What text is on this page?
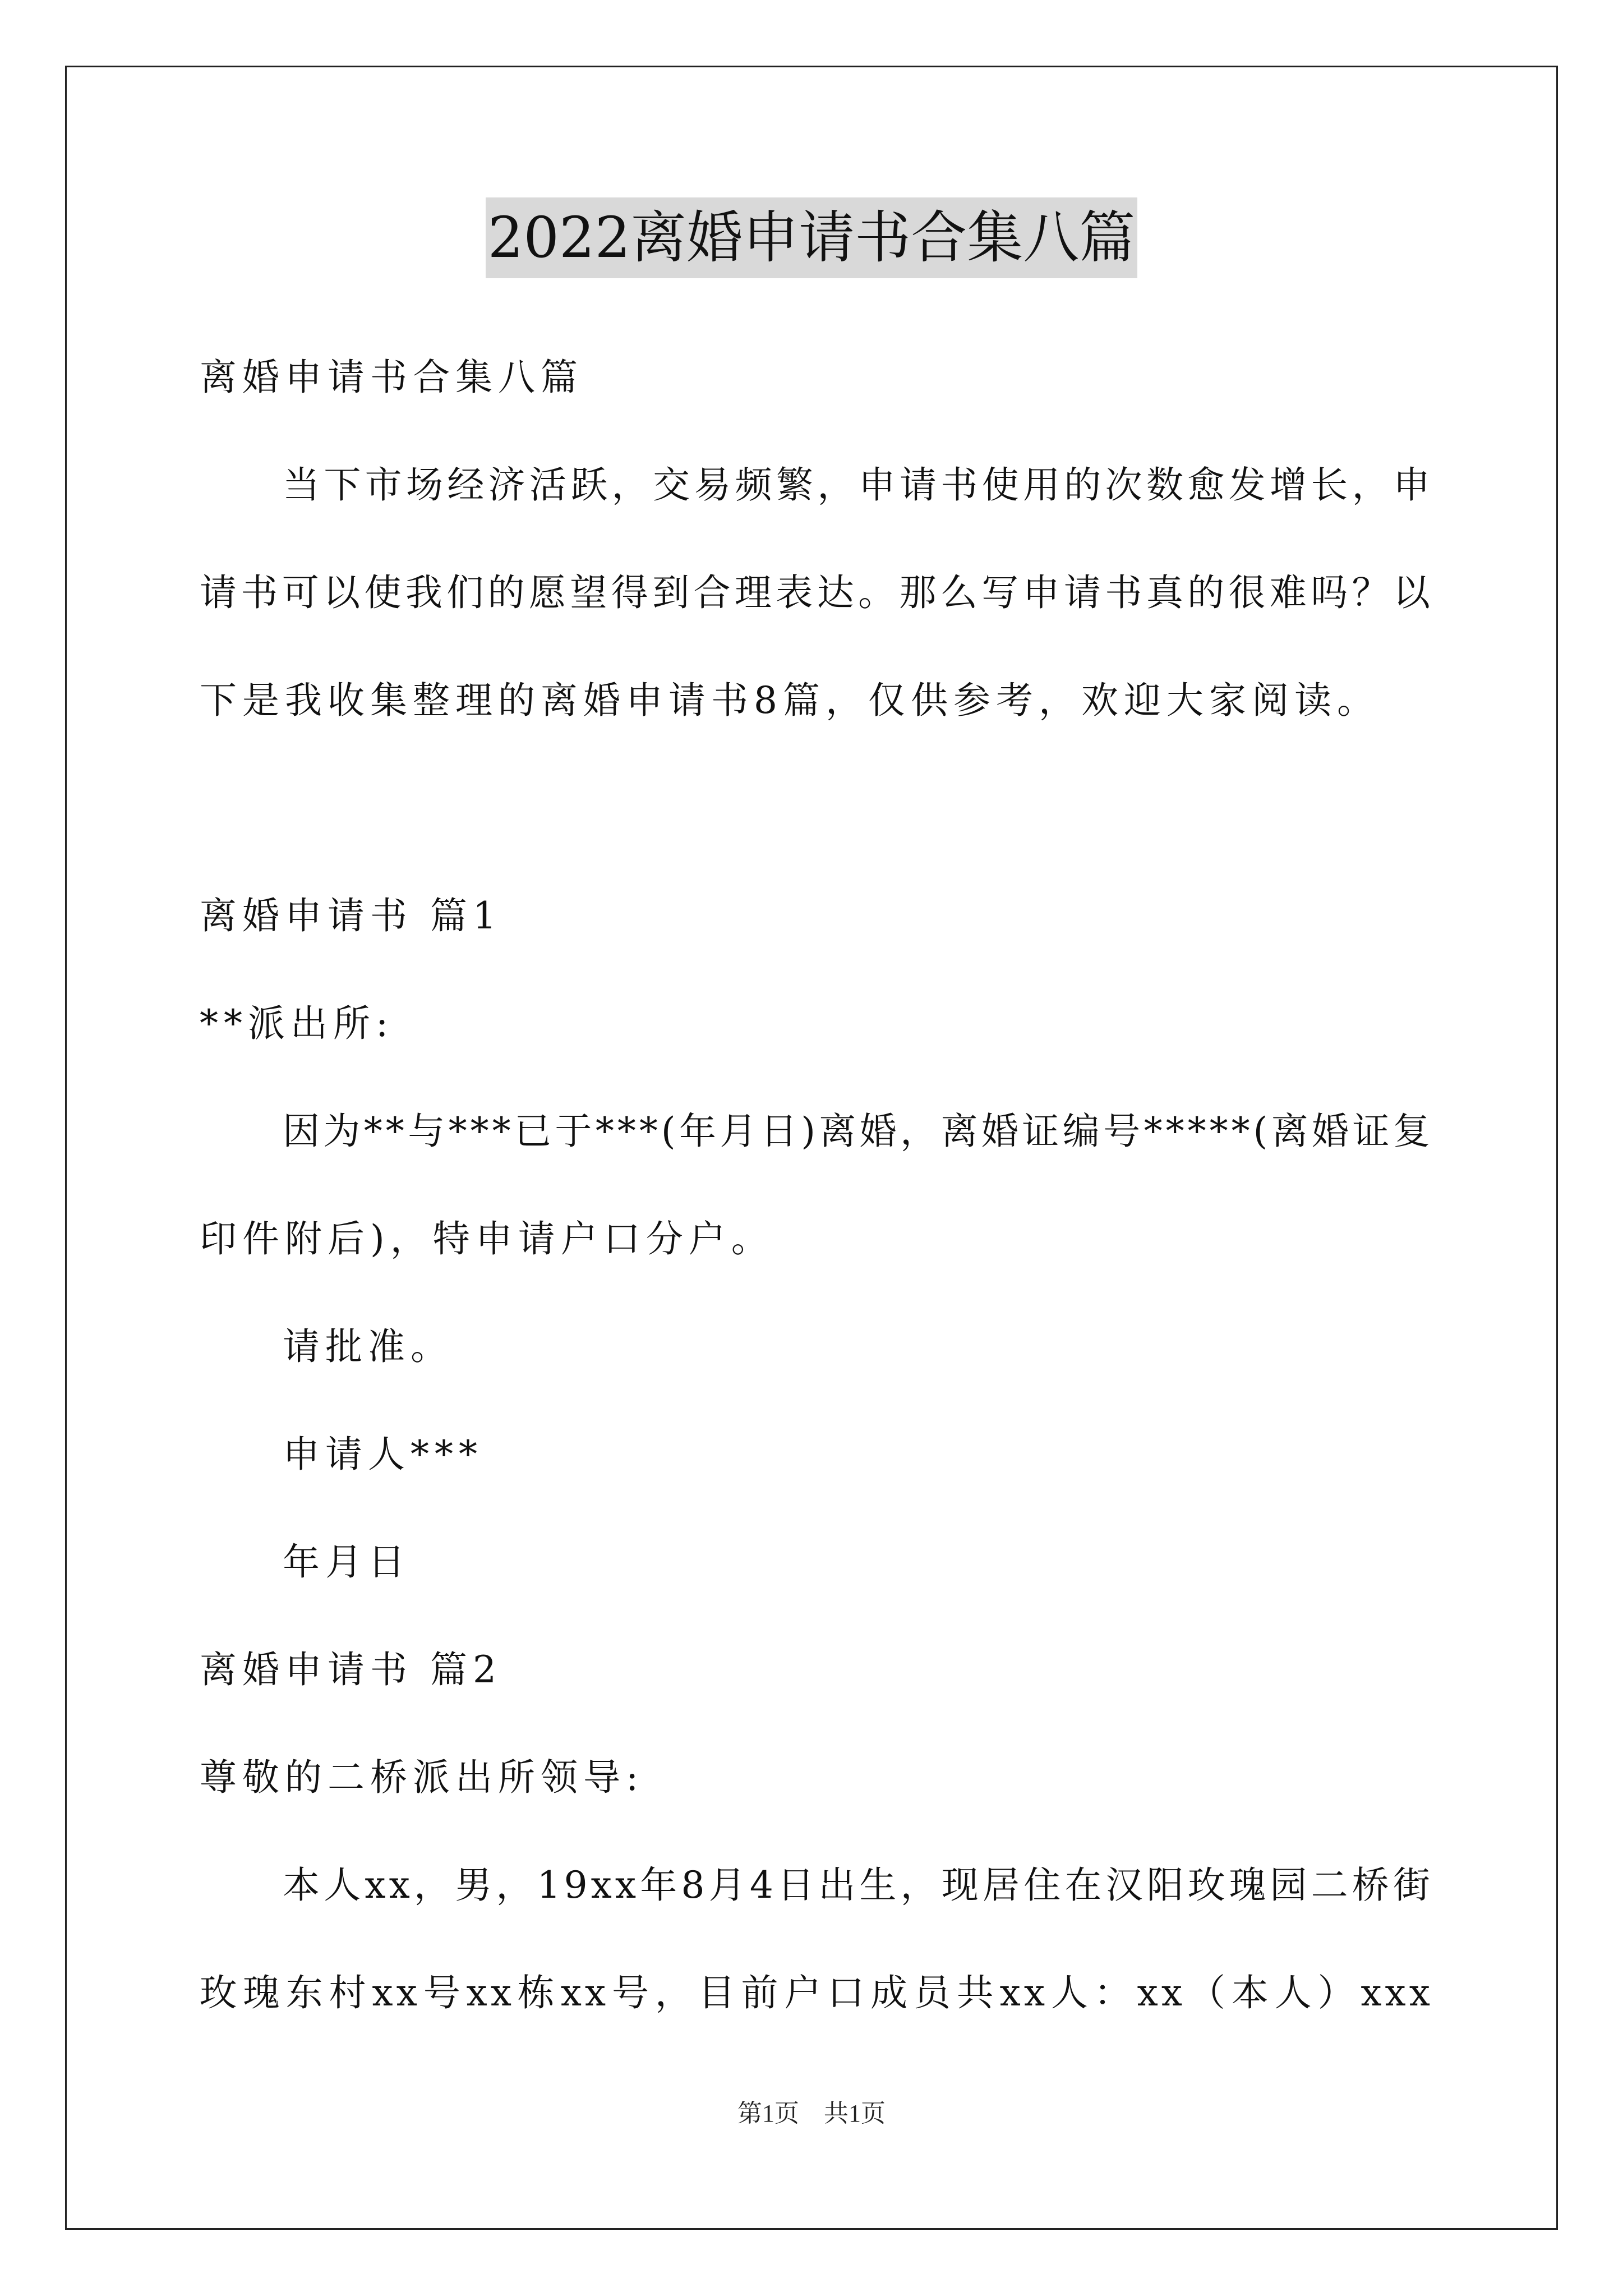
2022离婚申请书合集八篇
离婚申请书合集八篇
当下市场经济活跃，交易频繁，申请书使用的次数愈发增长，申
请书可以使我们的愿望得到合理表达。那么写申请书真的很难吗？以
下是我收集整理的离婚申请书8篇，仅供参考，欢迎大家阅读。
离婚申请书 篇1
**派出所:
因为**与***已于***(年月日)离婚，离婚证编号*****(离婚证复
印件附后)，特申请户口分户。
请批准。
申请人***
年月日
离婚申请书 篇2
尊敬的二桥派出所领导:
本人xx，男，19xx年8月4日出生，现居住在汉阳玫瑰园二桥街
玫瑰东村xx号xx栋xx号，目前户口成员共xx人：xx（本人）xxx
第1页　共1页
